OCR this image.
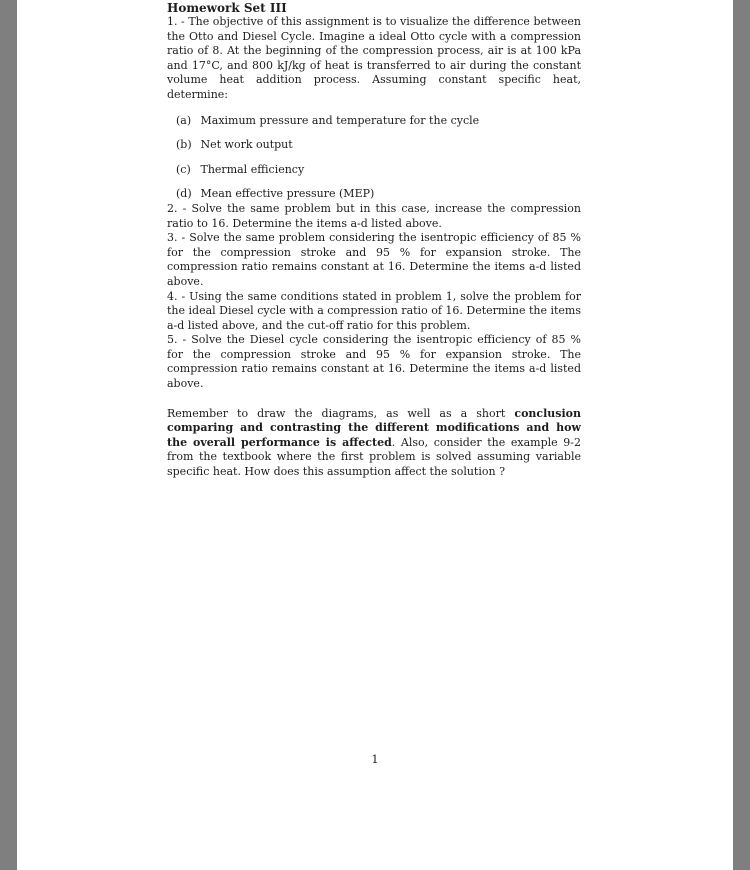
Homework Set III

1. - The objective of this assignment is to visualize the difference between the Otto and Diesel Cycle. Imagine a ideal Otto cycle with a compression ratio of 8. At the beginning of the compression process, air is at 100 kPa and 17°C, and 800 kJ/kg of heat is transferred to air during the constant volume heat addition process. Assuming constant specific heat, determine:

(a) Maximum pressure and temperature for the cycle
(b) Net work output
(c) Thermal efficiency
(d) Mean effective pressure (MEP)

2. - Solve the same problem but in this case, increase the compression ratio to 16. Determine the items a-d listed above.

3. - Solve the same problem considering the isentropic efficiency of 85 % for the compression stroke and 95 % for expansion stroke. The compression ratio remains constant at 16. Determine the items a-d listed above.

4. - Using the same conditions stated in problem 1, solve the problem for the ideal Diesel cycle with a compression ratio of 16. Determine the items a-d listed above, and the cut-off ratio for this problem.

5. - Solve the Diesel cycle considering the isentropic efficiency of 85 % for the compression stroke and 95 % for expansion stroke. The compression ratio remains constant at 16. Determine the items a-d listed above.

Remember to draw the diagrams, as well as a short conclusion comparing and contrasting the different modifications and how the overall performance is affected. Also, consider the example 9-2 from the textbook where the first problem is solved assuming variable specific heat. How does this assumption affect the solution ?

1
